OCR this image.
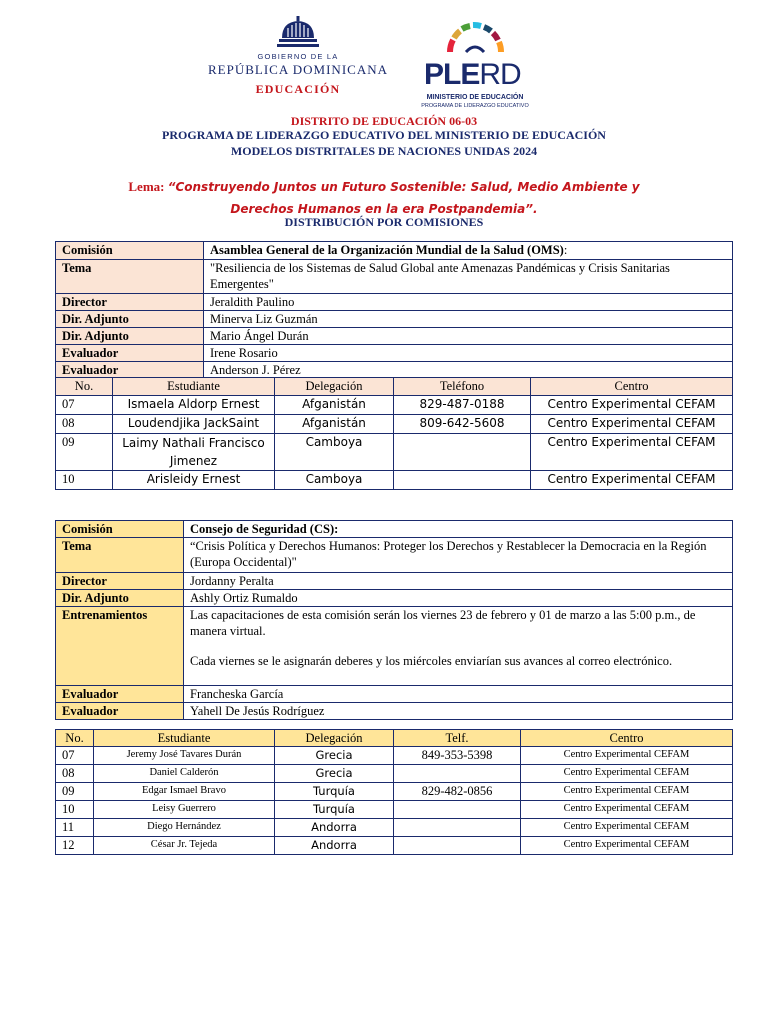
GOBIERNO DE LA
REPÚBLICA DOMINICANA
EDUCACIÓN	PLERD
MINISTERIO DE EDUCACIÓN
PROGRAMA DE LIDERAZGO EDUCATIVO
DISTRITO DE EDUCACIÓN 06-03
PROGRAMA DE LIDERAZGO EDUCATIVO DEL MINISTERIO DE EDUCACIÓN
MODELOS DISTRITALES DE NACIONES UNIDAS 2024
Lema: “Construyendo Juntos un Futuro Sostenible: Salud, Medio Ambiente y Derechos Humanos en la era Postpandemia”.
DISTRIBUCIÓN POR COMISIONES
Comisión	Asamblea General de la Organización Mundial de la Salud (OMS):
Tema	"Resiliencia de los Sistemas de Salud Global ante Amenazas Pandémicas y Crisis Sanitarias Emergentes"
Director	Jeraldith Paulino
Dir. Adjunto	Minerva Liz Guzmán
Dir. Adjunto	Mario Ángel Durán
Evaluador	Irene Rosario
Evaluador	Anderson J. Pérez
No.	Estudiante	Delegación	Teléfono	Centro
07	Ismaela Aldorp Ernest	Afganistán	829-487-0188	Centro Experimental CEFAM
08	Loudendjika JackSaint	Afganistán	809-642-5608	Centro Experimental CEFAM
09	Laimy Nathali Francisco Jimenez	Camboya		Centro Experimental CEFAM
10	Arisleidy Ernest	Camboya		Centro Experimental CEFAM
Comisión	Consejo de Seguridad (CS):
Tema	“Crisis Política y Derechos Humanos: Proteger los Derechos y Restablecer la Democracia en la Región (Europa Occidental)"
Director	Jordanny Peralta
Dir. Adjunto	Ashly Ortiz Rumaldo
Entrenamientos	Las capacitaciones de esta comisión serán los viernes 23 de febrero y 01 de marzo a las 5:00 p.m., de manera virtual.
Cada viernes se le asignarán deberes y los miércoles enviarían sus avances al correo electrónico.

Evaluador	Francheska García
Evaluador	Yahell De Jesús Rodríguez
No.	Estudiante	Delegación	Telf.	Centro
07	Jeremy José Tavares Durán	Grecia	849-353-5398	Centro Experimental CEFAM
08	Daniel Calderón	Grecia		Centro Experimental CEFAM
09	Edgar Ismael Bravo	Turquía	829-482-0856	Centro Experimental CEFAM
10	Leisy Guerrero	Turquía		Centro Experimental CEFAM
11	Diego Hernández	Andorra		Centro Experimental CEFAM
12	César Jr. Tejeda	Andorra		Centro Experimental CEFAM
